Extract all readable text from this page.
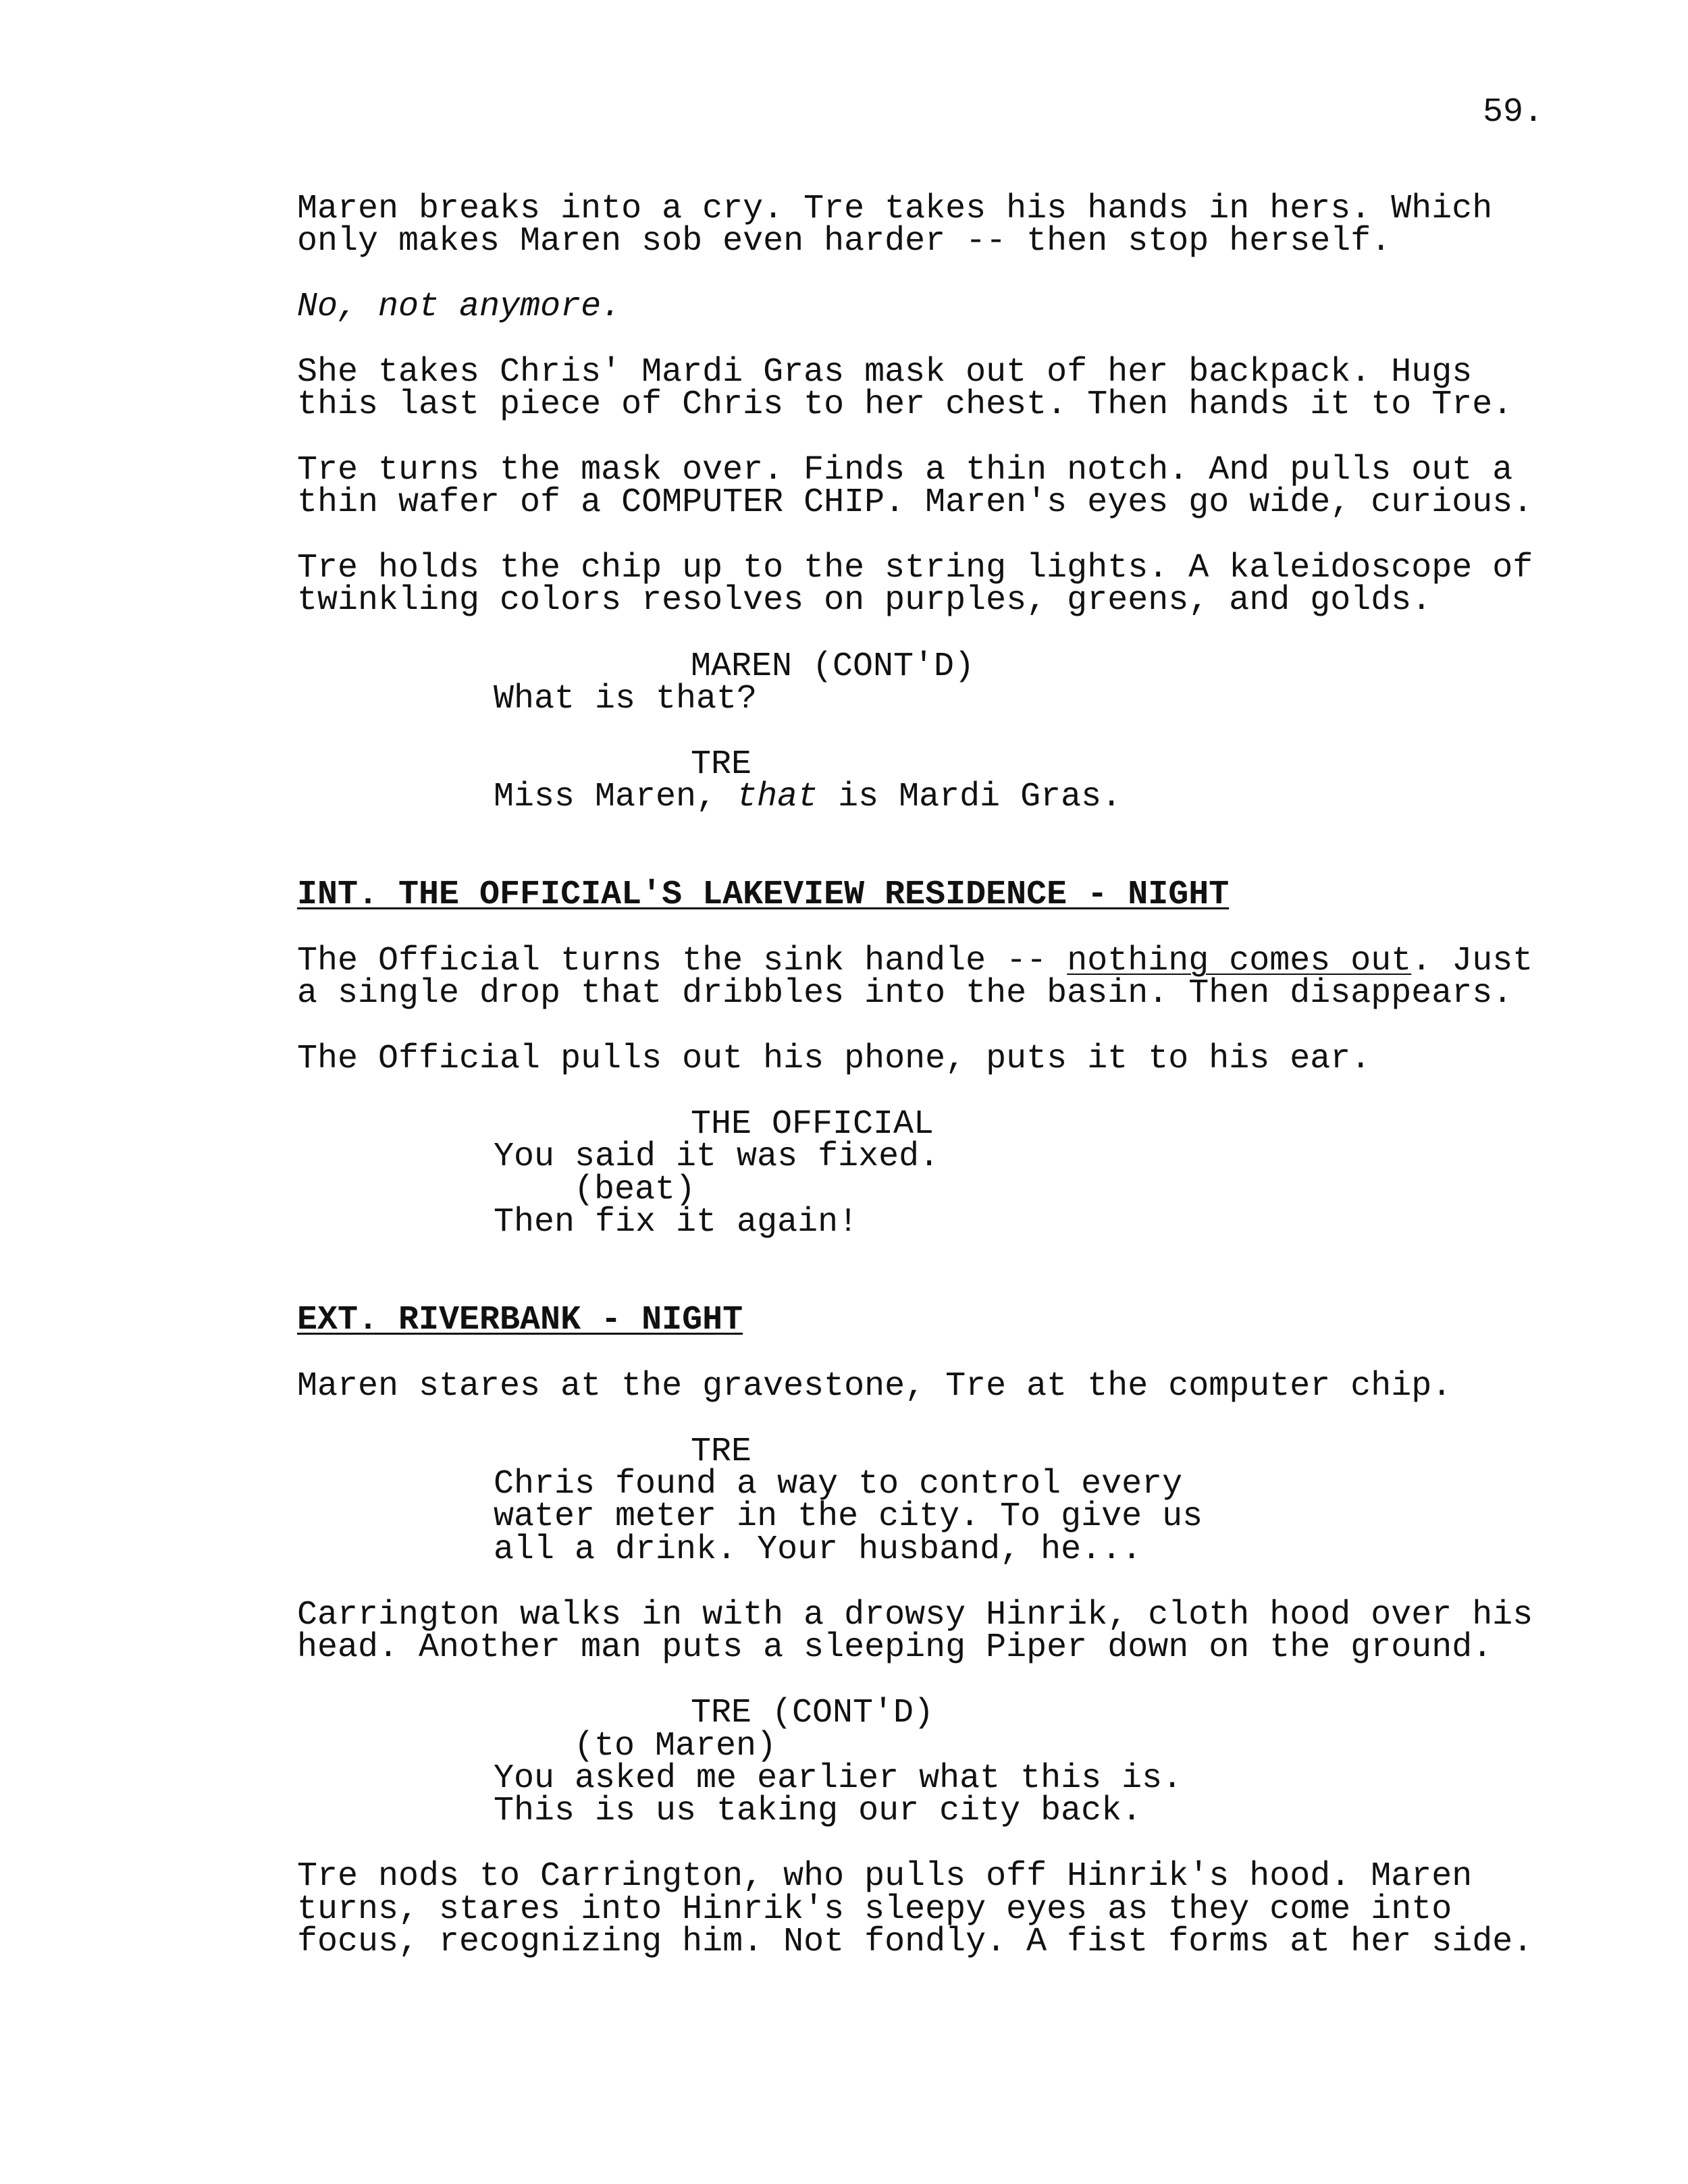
59.
Maren breaks into a cry. Tre takes his hands in hers. Which
only makes Maren sob even harder -- then stop herself.
No, not anymore.
She takes Chris' Mardi Gras mask out of her backpack. Hugs
this last piece of Chris to her chest. Then hands it to Tre.
Tre turns the mask over. Finds a thin notch. And pulls out a
thin wafer of a COMPUTER CHIP. Maren's eyes go wide, curious.
Tre holds the chip up to the string lights. A kaleidoscope of
twinkling colors resolves on purples, greens, and golds.
MAREN (CONT'D)
What is that?
TRE
Miss Maren, that is Mardi Gras.
INT. THE OFFICIAL'S LAKEVIEW RESIDENCE - NIGHT
The Official turns the sink handle -- nothing comes out. Just
a single drop that dribbles into the basin. Then disappears.
The Official pulls out his phone, puts it to his ear.
THE OFFICIAL
You said it was fixed.
(beat)
Then fix it again!
EXT. RIVERBANK - NIGHT
Maren stares at the gravestone, Tre at the computer chip.
TRE
Chris found a way to control every
water meter in the city. To give us
all a drink. Your husband, he...
Carrington walks in with a drowsy Hinrik, cloth hood over his
head. Another man puts a sleeping Piper down on the ground.
TRE (CONT'D)
(to Maren)
You asked me earlier what this is.
This is us taking our city back.
Tre nods to Carrington, who pulls off Hinrik's hood. Maren
turns, stares into Hinrik's sleepy eyes as they come into
focus, recognizing him. Not fondly. A fist forms at her side.
